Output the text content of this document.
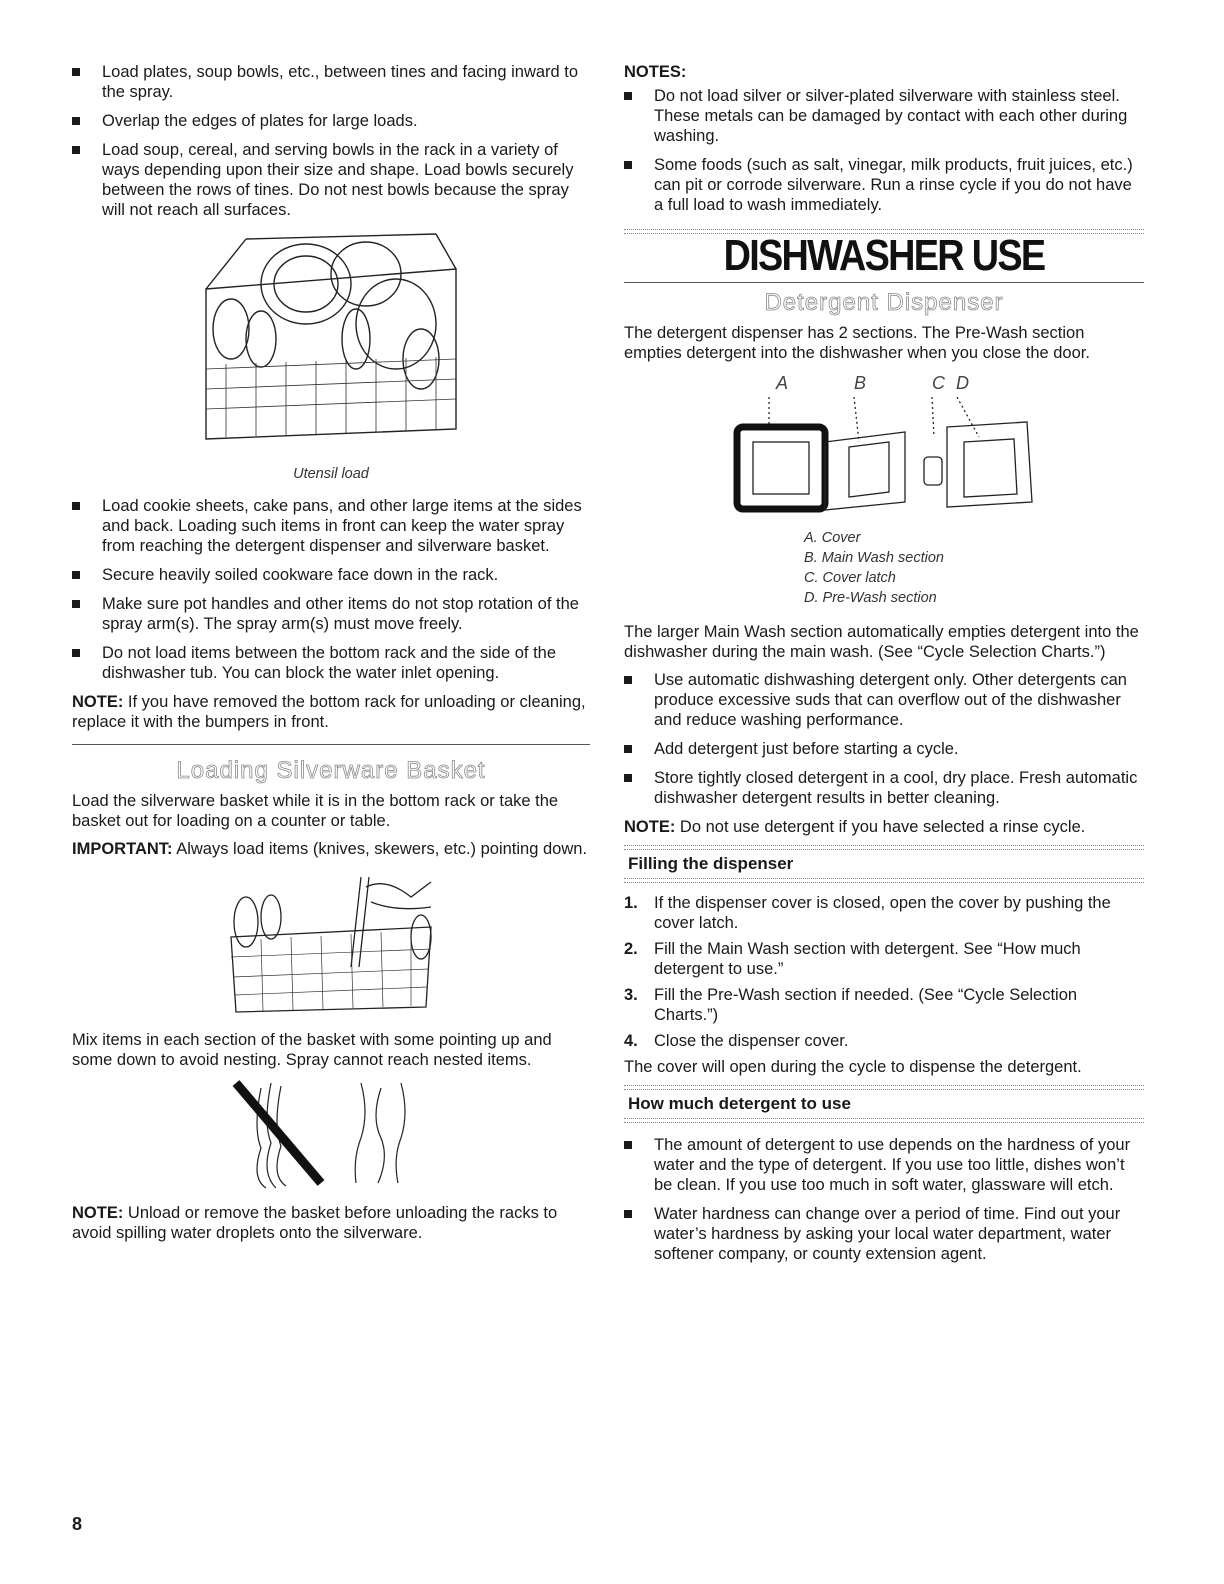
Load plates, soup bowls, etc., between tines and facing inward to the spray.
Overlap the edges of plates for large loads.
Load soup, cereal, and serving bowls in the rack in a variety of ways depending upon their size and shape. Load bowls securely between the rows of tines. Do not nest bowls because the spray will not reach all surfaces.
Utensil load
Load cookie sheets, cake pans, and other large items at the sides and back. Loading such items in front can keep the water spray from reaching the detergent dispenser and silverware basket.
Secure heavily soiled cookware face down in the rack.
Make sure pot handles and other items do not stop rotation of the spray arm(s). The spray arm(s) must move freely.
Do not load items between the bottom rack and the side of the dishwasher tub. You can block the water inlet opening.

NOTE: If you have removed the bottom rack for unloading or cleaning, replace it with the bumpers in front.

Loading Silverware Basket

Load the silverware basket while it is in the bottom rack or take the basket out for loading on a counter or table.

IMPORTANT: Always load items (knives, skewers, etc.) pointing down.

Mix items in each section of the basket with some pointing up and some down to avoid nesting. Spray cannot reach nested items.

NOTE: Unload or remove the basket before unloading the racks to avoid spilling water droplets onto the silverware.

NOTES:
Do not load silver or silver-plated silverware with stainless steel. These metals can be damaged by contact with each other during washing.
Some foods (such as salt, vinegar, milk products, fruit juices, etc.) can pit or corrode silverware. Run a rinse cycle if you do not have a full load to wash immediately.
DISHWASHER USE
Detergent Dispenser

The detergent dispenser has 2 sections. The Pre-Wash section empties detergent into the dishwasher when you close the door.

A	B	C D
A. Cover
B. Main Wash section
C. Cover latch
D. Pre-Wash section

The larger Main Wash section automatically empties detergent into the dishwasher during the main wash. (See “Cycle Selection Charts.”)

Use automatic dishwashing detergent only. Other detergents can produce excessive suds that can overflow out of the dishwasher and reduce washing performance.
Add detergent just before starting a cycle.
Store tightly closed detergent in a cool, dry place. Fresh automatic dishwasher detergent results in better cleaning.

NOTE: Do not use detergent if you have selected a rinse cycle.

Filling the dispenser
1. If the dispenser cover is closed, open the cover by pushing the cover latch.
2. Fill the Main Wash section with detergent. See “How much detergent to use.”
3. Fill the Pre-Wash section if needed. (See “Cycle Selection Charts.”)
4. Close the dispenser cover.

The cover will open during the cycle to dispense the detergent.

How much detergent to use
The amount of detergent to use depends on the hardness of your water and the type of detergent. If you use too little, dishes won’t be clean. If you use too much in soft water, glassware will etch.
Water hardness can change over a period of time. Find out your water’s hardness by asking your local water department, water softener company, or county extension agent.
8
